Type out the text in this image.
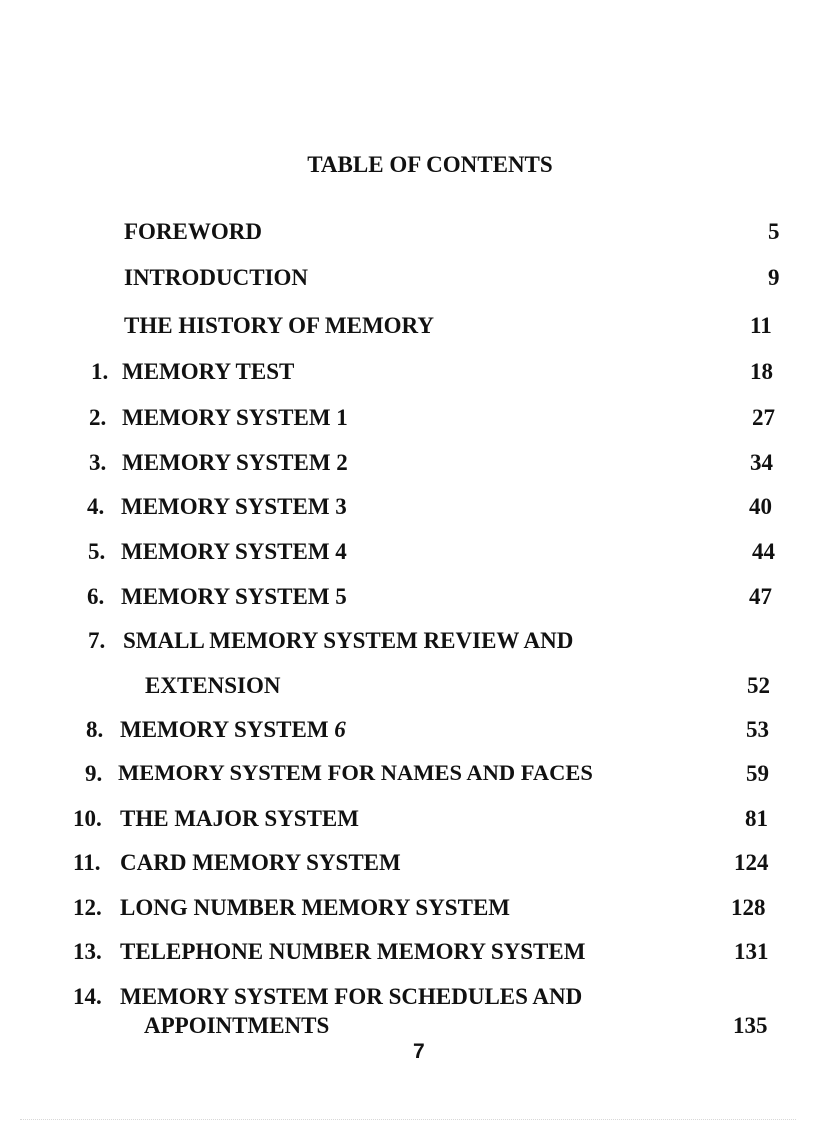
TABLE OF CONTENTS
FOREWORD	5
INTRODUCTION	9
THE HISTORY OF MEMORY	11
1. MEMORY TEST	18
2. MEMORY SYSTEM 1	27
3. MEMORY SYSTEM 2	34
4. MEMORY SYSTEM 3	40
5. MEMORY SYSTEM 4	44
6. MEMORY SYSTEM 5	47
7. SMALL MEMORY SYSTEM REVIEW AND
EXTENSION	52
8. MEMORY SYSTEM 6	53
9. MEMORY SYSTEM FOR NAMES AND FACES	59
10. THE MAJOR SYSTEM	81
11. CARD MEMORY SYSTEM	124
12. LONG NUMBER MEMORY SYSTEM	128
13. TELEPHONE NUMBER MEMORY SYSTEM	131
14. MEMORY SYSTEM FOR SCHEDULES AND
APPOINTMENTS	135
7
